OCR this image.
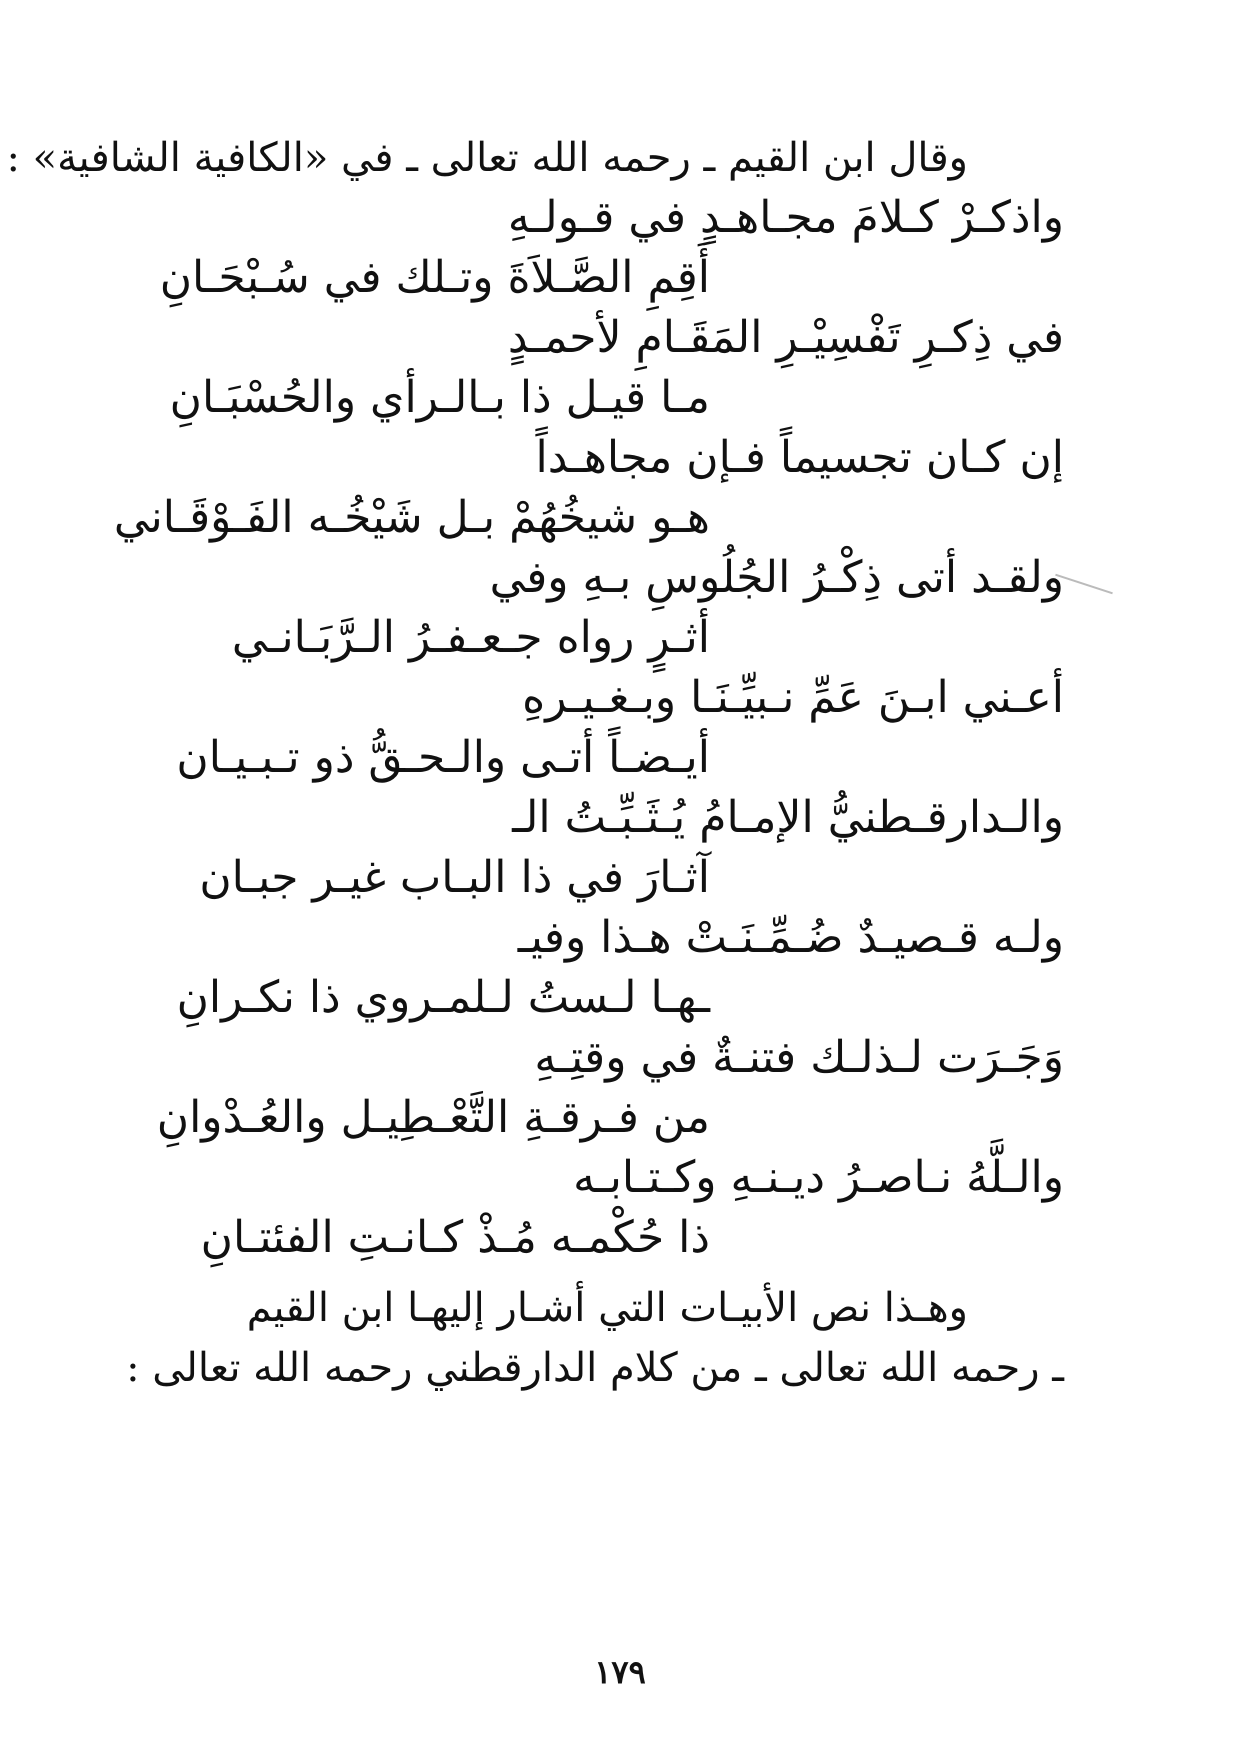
وقال ابن القيم ـ رحمه الله تعالى ـ في «الكافية الشافية» :
واذكـرْ كـلامَ مجـاهـدٍ في قـولـهِ
أَقِمِ الصَّـلاَةَ وتـلك في سُـبْحَـانِ
في ذِكـرِ تَفْسِيْـرِ المَقَـامِ لأحمـدٍ
مـا قيـل ذا بـالـرأي والحُسْبَـانِ
إن كـان تجسيماً فـإن مجاهـداً
هـو شيخُهُمْ بـل شَيْخُـه الفَـوْقَـاني
ولقـد أتى ذِكْـرُ الجُلُوسِ بـهِ وفي
أثـرٍ رواه جـعـفـرُ الـرَّبَـانـي
أعـني ابـنَ عَمِّ نـبيِّـنَـا وبـغـيـرهِ
أيـضـاً أتـى والـحـقُّ ذو تـبـيـان
والـدارقـطنيُّ الإمـامُ يُـثَـبِّـتُ الـ
آثـارَ في ذا البـاب غيـر جبـان
ولـه قـصيـدٌ ضُـمِّـنَـتْ هـذا وفيـ
ـهـا لـستُ لـلمـروي ذا نكـرانِ
وَجَـرَت لـذلـك فتنـةٌ في وقتِـهِ
من فـرقـةِ التَّعْـطِيـل والعُـدْوانِ
والـلَّهُ نـاصـرُ ديـنـهِ وكـتـابـه
ذا حُكْمـه مُـذْ كـانـتِ الفئتـانِ
وهـذا نص الأبيـات التي أشـار إليهـا ابن القيم
ـ رحمه الله تعالى ـ من كلام الدارقطني رحمه الله تعالى :
١٧٩
